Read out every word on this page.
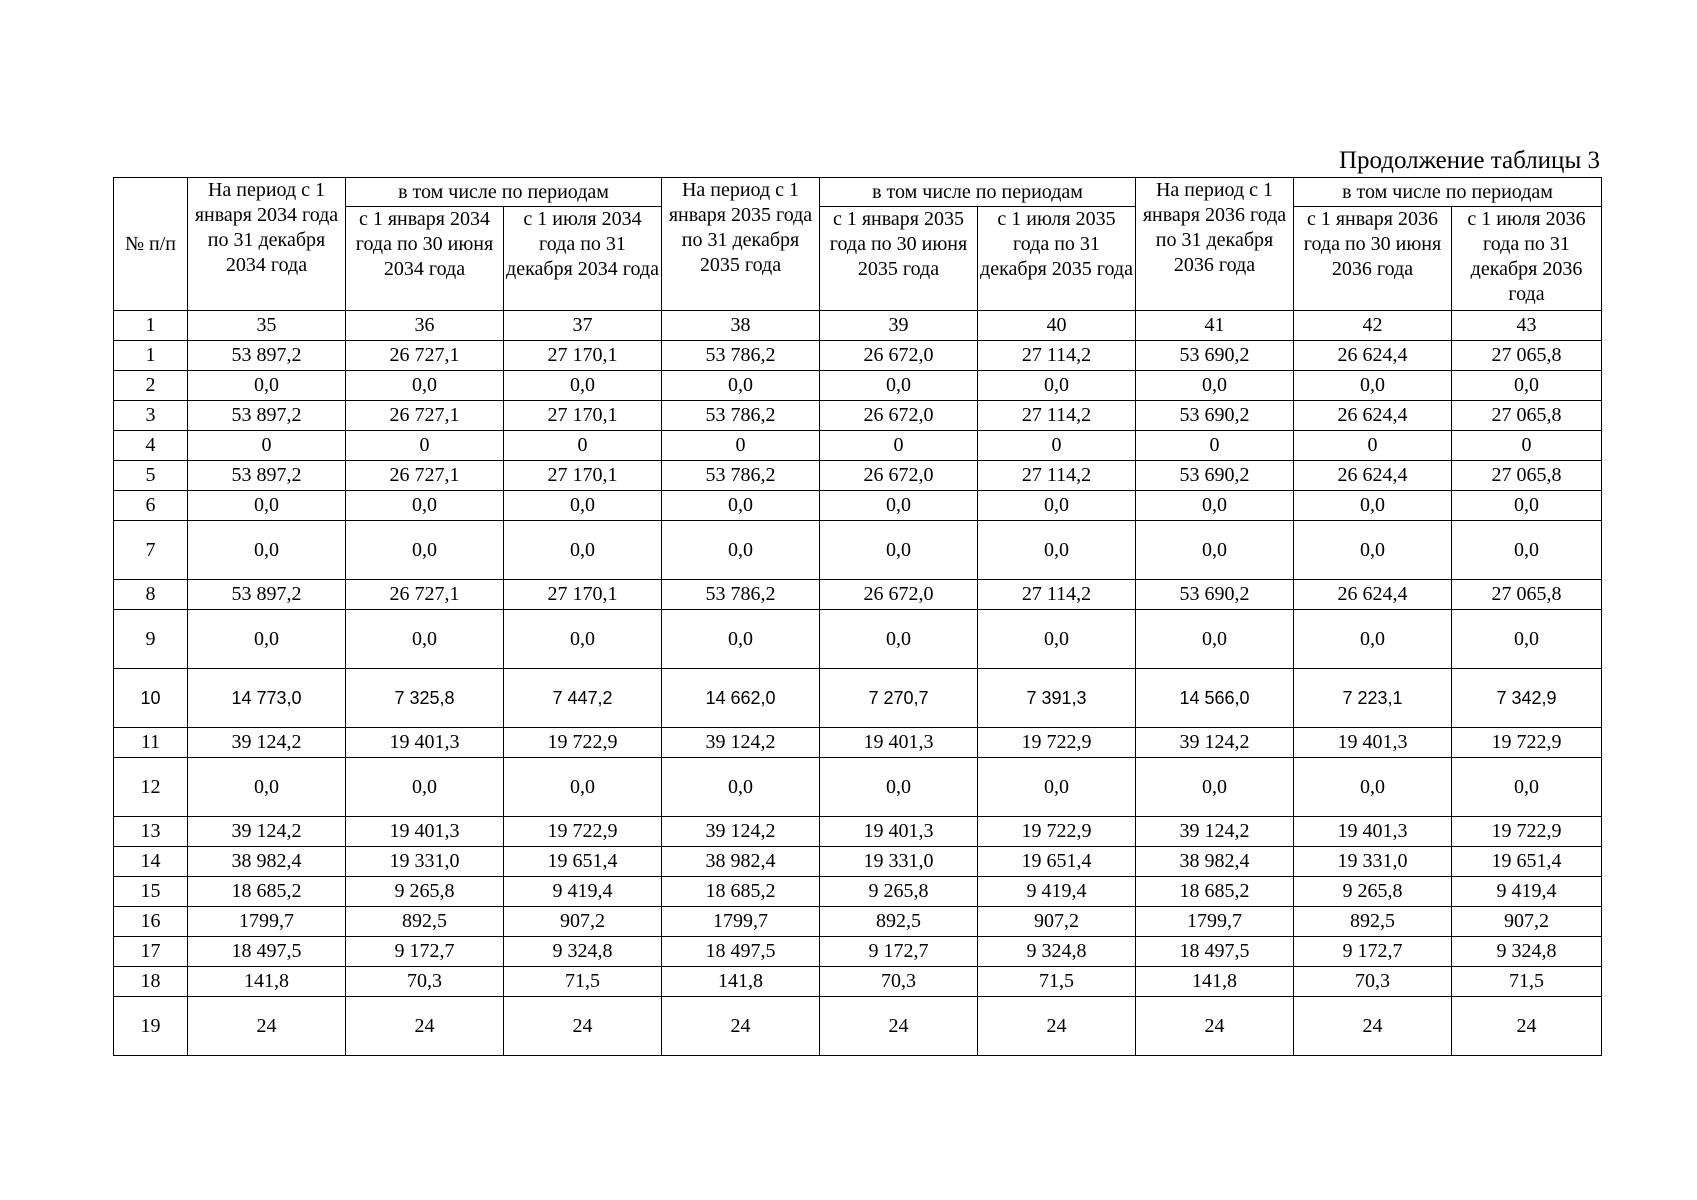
Продолжение таблицы 3
№ п/п	На период с 1 января 2034 года по 31 декабря 2034 года	в том числе по периодам		На период с 1 января 2035 года по 31 декабря 2035 года	в том числе по периодам		На период с 1 января 2036 года по 31 декабря 2036 года	в том числе по периодам	
		с 1 января 2034 года по 30 июня 2034 года	с 1 июля 2034 года по 31 декабря 2034 года		с 1 января 2035 года по 30 июня 2035 года	с 1 июля 2035 года по 31 декабря 2035 года		с 1 января 2036 года по 30 июня 2036 года	с 1 июля 2036 года по 31 декабря 2036 года
1	35	36	37	38	39	40	41	42	43
1	53 897,2	26 727,1	27 170,1	53 786,2	26 672,0	27 114,2	53 690,2	26 624,4	27 065,8
2	0,0	0,0	0,0	0,0	0,0	0,0	0,0	0,0	0,0
3	53 897,2	26 727,1	27 170,1	53 786,2	26 672,0	27 114,2	53 690,2	26 624,4	27 065,8
4	0	0	0	0	0	0	0	0	0
5	53 897,2	26 727,1	27 170,1	53 786,2	26 672,0	27 114,2	53 690,2	26 624,4	27 065,8
6	0,0	0,0	0,0	0,0	0,0	0,0	0,0	0,0	0,0
7	0,0	0,0	0,0	0,0	0,0	0,0	0,0	0,0	0,0
8	53 897,2	26 727,1	27 170,1	53 786,2	26 672,0	27 114,2	53 690,2	26 624,4	27 065,8
9	0,0	0,0	0,0	0,0	0,0	0,0	0,0	0,0	0,0
10	14 773,0	7 325,8	7 447,2	14 662,0	7 270,7	7 391,3	14 566,0	7 223,1	7 342,9
11	39 124,2	19 401,3	19 722,9	39 124,2	19 401,3	19 722,9	39 124,2	19 401,3	19 722,9
12	0,0	0,0	0,0	0,0	0,0	0,0	0,0	0,0	0,0
13	39 124,2	19 401,3	19 722,9	39 124,2	19 401,3	19 722,9	39 124,2	19 401,3	19 722,9
14	38 982,4	19 331,0	19 651,4	38 982,4	19 331,0	19 651,4	38 982,4	19 331,0	19 651,4
15	18 685,2	9 265,8	9 419,4	18 685,2	9 265,8	9 419,4	18 685,2	9 265,8	9 419,4
16	1799,7	892,5	907,2	1799,7	892,5	907,2	1799,7	892,5	907,2
17	18 497,5	9 172,7	9 324,8	18 497,5	9 172,7	9 324,8	18 497,5	9 172,7	9 324,8
18	141,8	70,3	71,5	141,8	70,3	71,5	141,8	70,3	71,5
19	24	24	24	24	24	24	24	24	24
